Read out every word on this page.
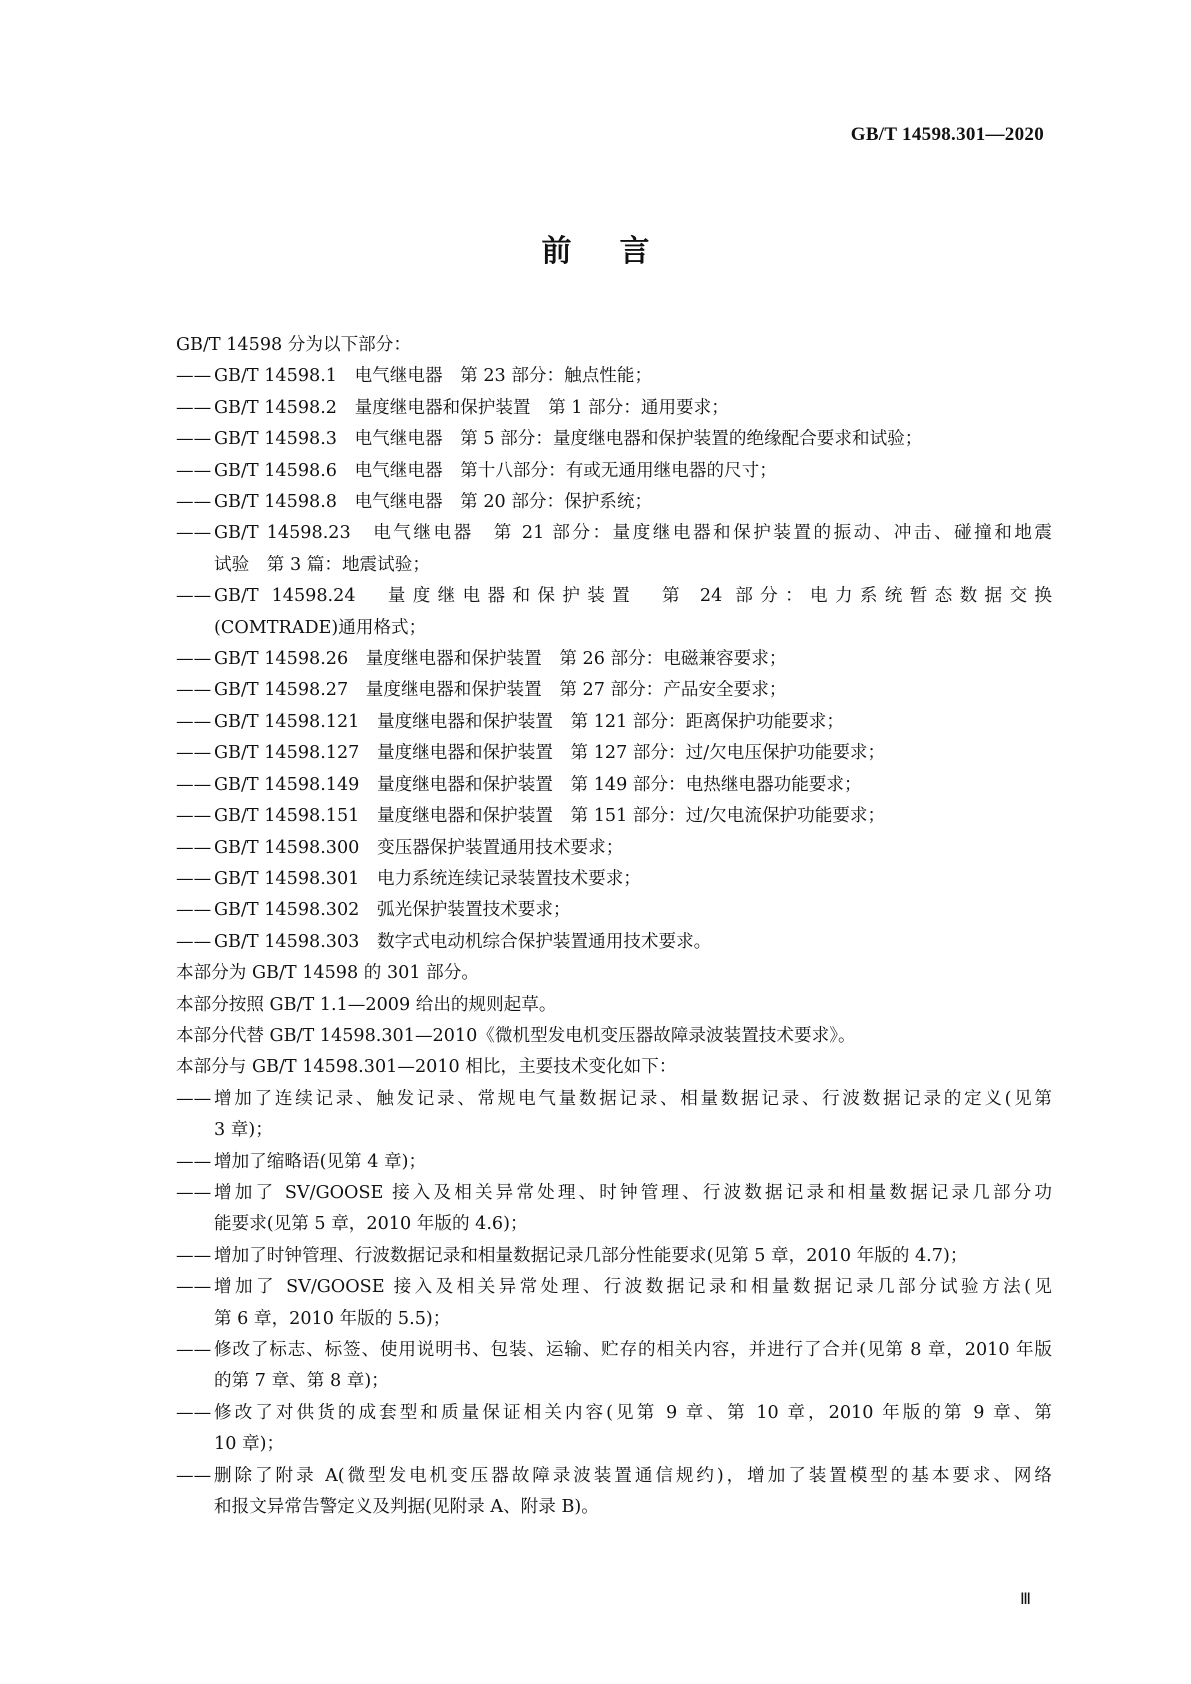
GB/T 14598.301—2020
前言
GB/T 14598 分为以下部分：
—— GB/T 14598.1　电气继电器　第 23 部分：触点性能；
—— GB/T 14598.2　量度继电器和保护装置　第 1 部分：通用要求；
—— GB/T 14598.3　电气继电器　第 5 部分：量度继电器和保护装置的绝缘配合要求和试验；
—— GB/T 14598.6　电气继电器　第十八部分：有或无通用继电器的尺寸；
—— GB/T 14598.8　电气继电器　第 20 部分：保护系统；
—— GB/T 14598.23　电气继电器　第 21 部分：量度继电器和保护装置的振动、冲击、碰撞和地震
试验　第 3 篇：地震试验；
—— GB/T 14598.24　量度继电器和保护装置　第 24 部分：电力系统暂态数据交换
(COMTRADE)通用格式；
—— GB/T 14598.26　量度继电器和保护装置　第 26 部分：电磁兼容要求；
—— GB/T 14598.27　量度继电器和保护装置　第 27 部分：产品安全要求；
—— GB/T 14598.121　量度继电器和保护装置　第 121 部分：距离保护功能要求；
—— GB/T 14598.127　量度继电器和保护装置　第 127 部分：过/欠电压保护功能要求；
—— GB/T 14598.149　量度继电器和保护装置　第 149 部分：电热继电器功能要求；
—— GB/T 14598.151　量度继电器和保护装置　第 151 部分：过/欠电流保护功能要求；
—— GB/T 14598.300　变压器保护装置通用技术要求；
—— GB/T 14598.301　电力系统连续记录装置技术要求；
—— GB/T 14598.302　弧光保护装置技术要求；
—— GB/T 14598.303　数字式电动机综合保护装置通用技术要求。
本部分为 GB/T 14598 的 301 部分。
本部分按照 GB/T 1.1—2009 给出的规则起草。
本部分代替 GB/T 14598.301—2010《微机型发电机变压器故障录波装置技术要求》。
本部分与 GB/T 14598.301—2010 相比，主要技术变化如下：
—— 增加了连续记录、触发记录、常规电气量数据记录、相量数据记录、行波数据记录的定义(见第
3 章)；
—— 增加了缩略语(见第 4 章)；
—— 增加了 SV/GOOSE 接入及相关异常处理、时钟管理、行波数据记录和相量数据记录几部分功
能要求(见第 5 章，2010 年版的 4.6)；
—— 增加了时钟管理、行波数据记录和相量数据记录几部分性能要求(见第 5 章，2010 年版的 4.7)；
—— 增加了 SV/GOOSE 接入及相关异常处理、行波数据记录和相量数据记录几部分试验方法(见
第 6 章，2010 年版的 5.5)；
—— 修改了标志、标签、使用说明书、包装、运输、贮存的相关内容，并进行了合并(见第 8 章，2010 年版
的第 7 章、第 8 章)；
—— 修改了对供货的成套型和质量保证相关内容(见第 9 章、第 10 章，2010 年版的第 9 章、第
10 章)；
—— 删除了附录 A(微型发电机变压器故障录波装置通信规约)，增加了装置模型的基本要求、网络
和报文异常告警定义及判据(见附录 A、附录 B)。
Ⅲ
